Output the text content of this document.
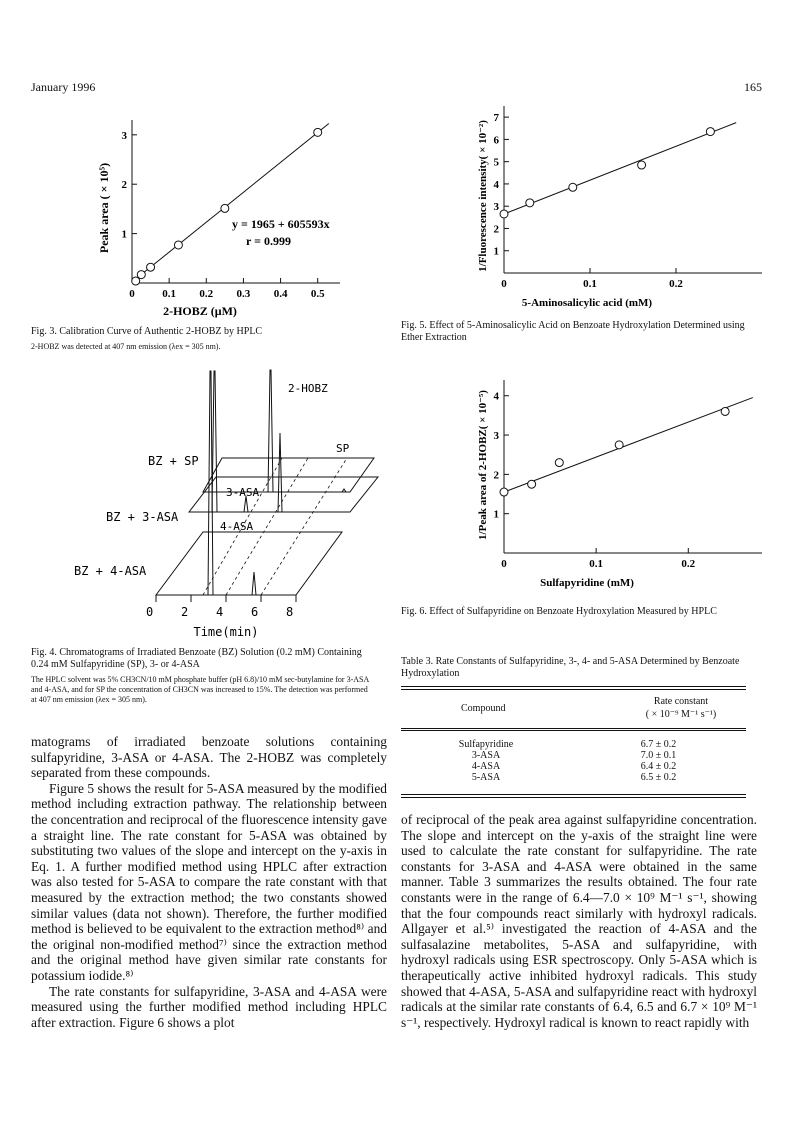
January 1996	165
0	0.1 0.2 0.3 0.4 0.5
1
2
3
y = 1965 + 605593x
r = 0.999
2-HOBZ (μM)
Peak area ( × 10⁵)
Fig. 3. Calibration Curve of Authentic 2-HOBZ by HPLC
2-HOBZ was detected at 407 nm emission (λex = 305 nm).
2-HOBZ
SP
3-ASA
4-ASA
BZ + SP
BZ + 3-ASA
BZ + 4-ASA
0 2 4 6 8
Time(min)
Fig. 4. Chromatograms of Irradiated Benzoate (BZ) Solution (0.2 mM) Containing 0.24 mM Sulfapyridine (SP), 3- or 4-ASA
The HPLC solvent was 5% CH3CN/10 mM phosphate buffer (pH 6.8)/10 mM sec-butylamine for 3-ASA and 4-ASA, and for SP the concentration of CH3CN was increased to 15%. The detection was performed at 407 nm emission (λex = 305 nm).

matograms of irradiated benzoate solutions containing sulfapyridine, 3-ASA or 4-ASA. The 2-HOBZ was completely separated from these compounds.

Figure 5 shows the result for 5-ASA measured by the modified method including extraction pathway. The relationship between the concentration and reciprocal of the fluorescence intensity gave a straight line. The rate constant for 5-ASA was obtained by substituting two values of the slope and intercept on the y-axis in Eq. 1. A further modified method using HPLC after extraction was also tested for 5-ASA to compare the rate constant with that measured by the extraction method; the two constants showed similar values (data not shown). Therefore, the further modified method is believed to be equivalent to the extraction method⁸⁾ and the original non-modified method⁷⁾ since the extraction method and the original method have given similar rate constants for potassium iodide.⁸⁾

The rate constants for sulfapyridine, 3-ASA and 4-ASA were measured using the further modified method including HPLC after extraction. Figure 6 shows a plot

0	0.1	0.2
1
2
3
4
5
6
7
5-Aminosalicylic acid (mM)
1/Fluorescence intensity( × 10⁻²)
Fig. 5. Effect of 5-Aminosalicylic Acid on Benzoate Hydroxylation Determined using Ether Extraction
0	0.1	0.2
1
2
3
4
Sulfapyridine (mM)
1/Peak area of 2-HOBZ( × 10⁻⁵)
Fig. 6. Effect of Sulfapyridine on Benzoate Hydroxylation Measured by HPLC
Table 3. Rate Constants of Sulfapyridine, 3-, 4- and 5-ASA Determined by Benzoate Hydroxylation
Compound
Rate constant
( × 10⁻⁹ M⁻¹ s⁻¹)
Sulfapyridine	6.7 ± 0.2
3-ASA	7.0 ± 0.1
4-ASA	6.4 ± 0.2
5-ASA	6.5 ± 0.2

of reciprocal of the peak area against sulfapyridine concentration. The slope and intercept on the y-axis of the straight line were used to calculate the rate constant for sulfapyridine. The rate constants for 3-ASA and 4-ASA were obtained in the same manner. Table 3 summarizes the results obtained. The four rate constants were in the range of 6.4—7.0 × 10⁹ M⁻¹ s⁻¹, showing that the four compounds react similarly with hydroxyl radicals. Allgayer et al.⁵⁾ investigated the reaction of 4-ASA and the sulfasalazine metabolites, 5-ASA and sulfapyridine, with hydroxyl radicals using ESR spectroscopy. Only 5-ASA which is therapeutically active inhibited hydroxyl radicals. This study showed that 4-ASA, 5-ASA and sulfapyridine react with hydroxyl radicals at the similar rate constants of 6.4, 6.5 and 6.7 × 10⁹ M⁻¹ s⁻¹, respectively. Hydroxyl radical is known to react rapidly with
